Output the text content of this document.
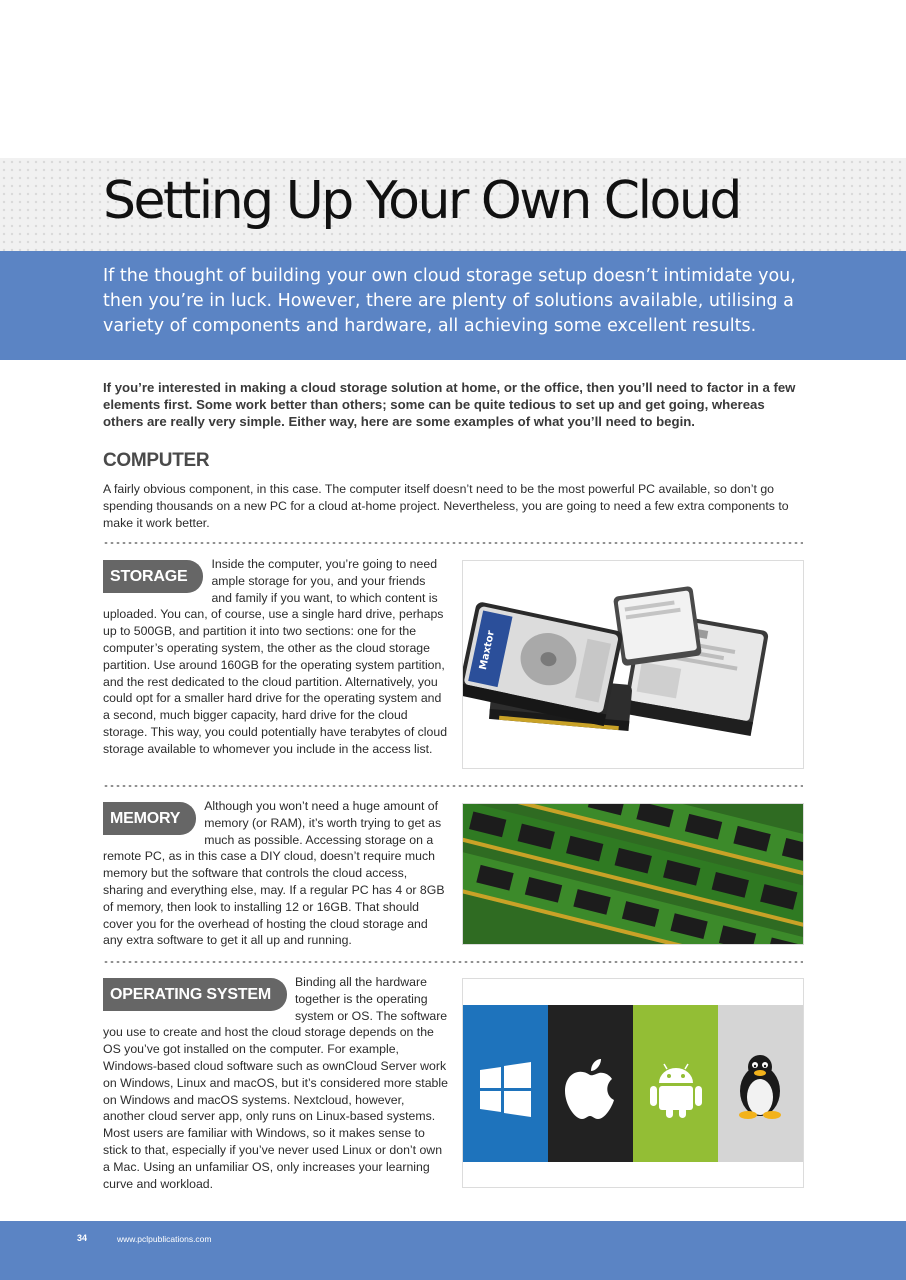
Setting Up Your Own Cloud

If the thought of building your own cloud storage setup doesn’t intimidate you, then you’re in luck. However, there are plenty of solutions available, utilising a variety of components and hardware, all achieving some excellent results.

If you’re interested in making a cloud storage solution at home, or the office, then you’ll need to factor in a few elements first. Some work better than others; some can be quite tedious to set up and get going, whereas others are really very simple. Either way, here are some examples of what you’ll need to begin.

COMPUTER

A fairly obvious component, in this case. The computer itself doesn’t need to be the most powerful PC available, so don’t go spending thousands on a new PC for a cloud at-home project. Nevertheless, you are going to need a few extra components to make it work better.

STORAGE
Inside the computer, you’re going to need ample storage for you, and your friends and family if you want, to which content is uploaded. You can, of course, use a single hard drive, perhaps up to 500GB, and partition it into two sections: one for the computer’s operating system, the other as the cloud storage partition. Use around 160GB for the operating system partition, and the rest dedicated to the cloud partition. Alternatively, you could opt for a smaller hard drive for the operating system and a second, much bigger capacity, hard drive for the cloud storage. This way, you could potentially have terabytes of cloud storage available to whomever you include in the access list.
Maxtor
MEMORY
Although you won’t need a huge amount of memory (or RAM), it’s worth trying to get as much as possible. Accessing storage on a remote PC, as in this case a DIY cloud, doesn’t require much memory but the software that controls the cloud access, sharing and everything else, may. If a regular PC has 4 or 8GB of memory, then look to installing 12 or 16GB. That should cover you for the overhead of hosting the cloud storage and any extra software to get it all up and running.
OPERATING SYSTEM
Binding all the hardware together is the operating system or OS. The software you use to create and host the cloud storage depends on the OS you’ve got installed on the computer. For example, Windows-based cloud software such as ownCloud Server work on Windows, Linux and macOS, but it’s considered more stable on Windows and macOS systems. Nextcloud, however, another cloud server app, only runs on Linux-based systems. Most users are familiar with Windows, so it makes sense to stick to that, especially if you’ve never used Linux or don’t own a Mac. Using an unfamiliar OS, only increases your learning curve and workload.

34	www.pclpublications.com
